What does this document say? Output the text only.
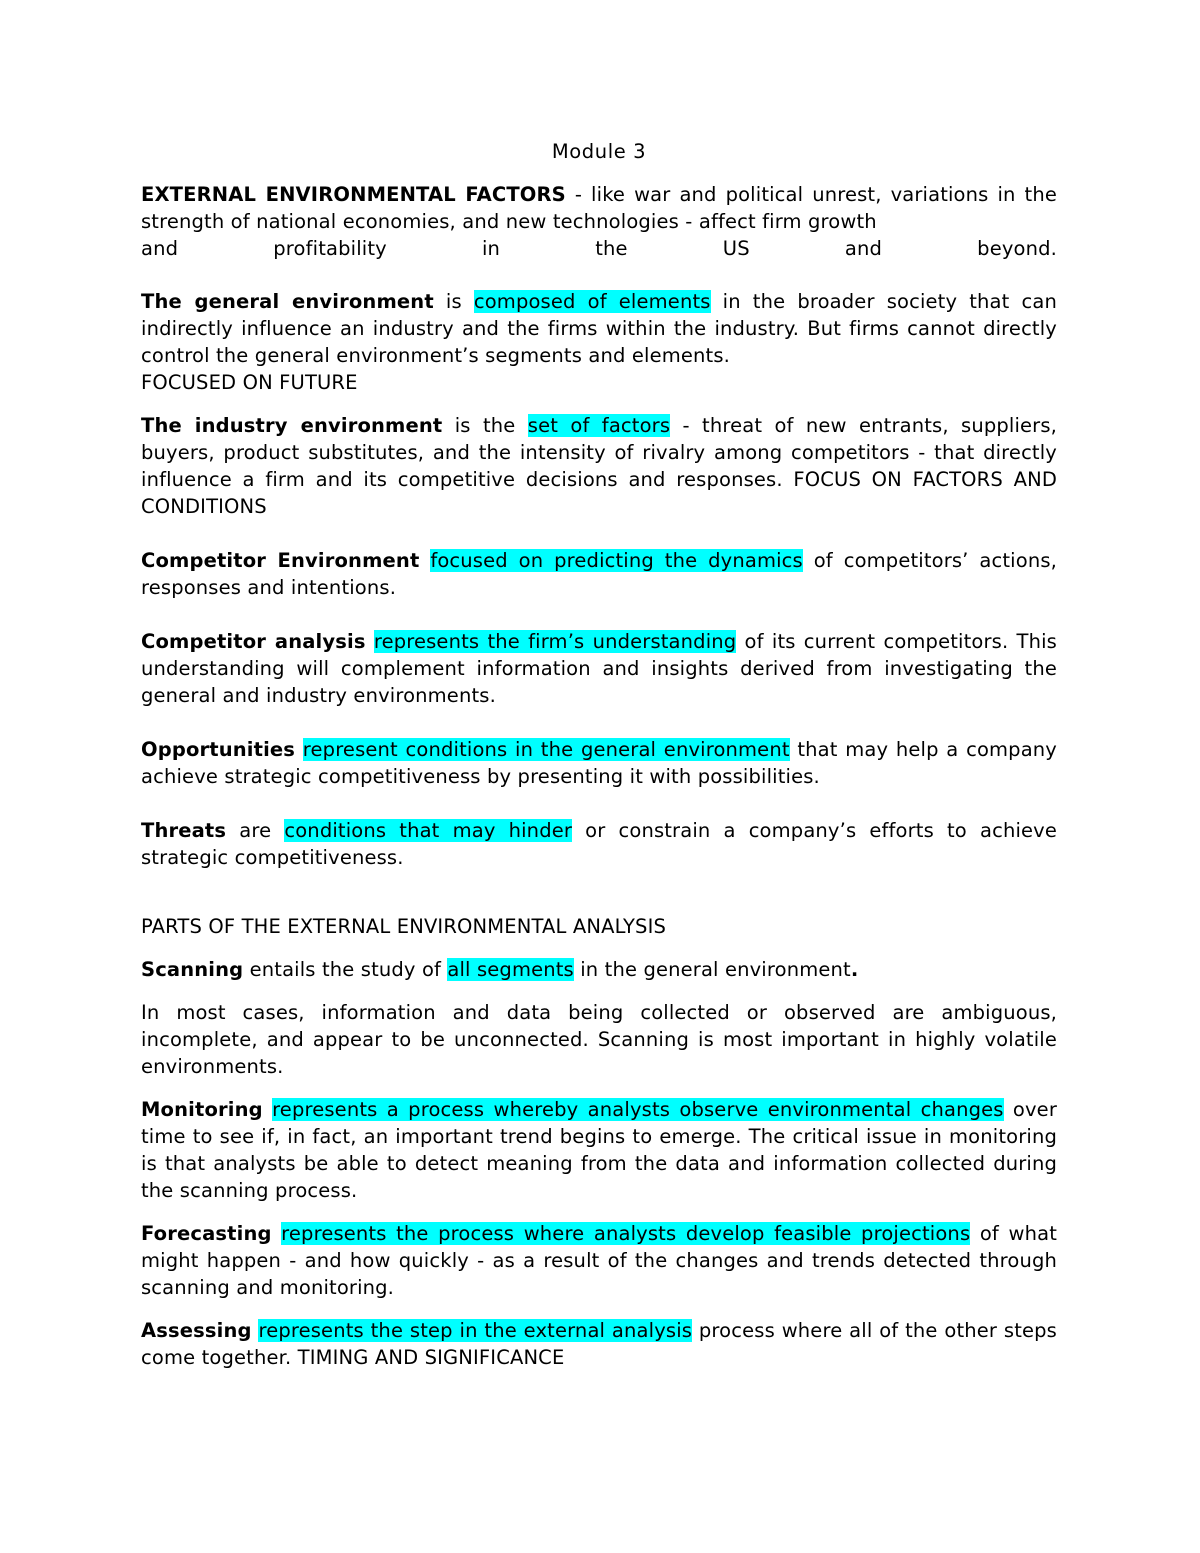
Module 3

EXTERNAL ENVIRONMENTAL FACTORS - like war and political unrest, variations in the strength of national economies, and new technologies - affect firm growth

and profitability in the US and beyond.

The general environment is composed of elements in the broader society that can indirectly influence an industry and the firms within the industry. But firms cannot directly control the general environment’s segments and elements.

FOCUSED ON FUTURE

The industry environment is the set of factors - threat of new entrants, suppliers, buyers, product substitutes, and the intensity of rivalry among competitors - that directly influence a firm and its competitive decisions and responses. FOCUS ON FACTORS AND CONDITIONS

Competitor Environment focused on predicting the dynamics of competitors’ actions, responses and intentions.

Competitor analysis represents the firm’s understanding of its current competitors. This understanding will complement information and insights derived from investigating the general and industry environments.

Opportunities represent conditions in the general environment that may help a company achieve strategic competitiveness by presenting it with possibilities.

Threats are conditions that may hinder or constrain a company’s efforts to achieve strategic competitiveness.

PARTS OF THE EXTERNAL ENVIRONMENTAL ANALYSIS

Scanning entails the study of all segments in the general environment.

In most cases, information and data being collected or observed are ambiguous, incomplete, and appear to be unconnected. Scanning is most important in highly volatile environments.

Monitoring represents a process whereby analysts observe environmental changes over time to see if, in fact, an important trend begins to emerge. The critical issue in monitoring is that analysts be able to detect meaning from the data and information collected during the scanning process.

Forecasting represents the process where analysts develop feasible projections of what might happen - and how quickly - as a result of the changes and trends detected through scanning and monitoring.

Assessing represents the step in the external analysis process where all of the other steps come together. TIMING AND SIGNIFICANCE
